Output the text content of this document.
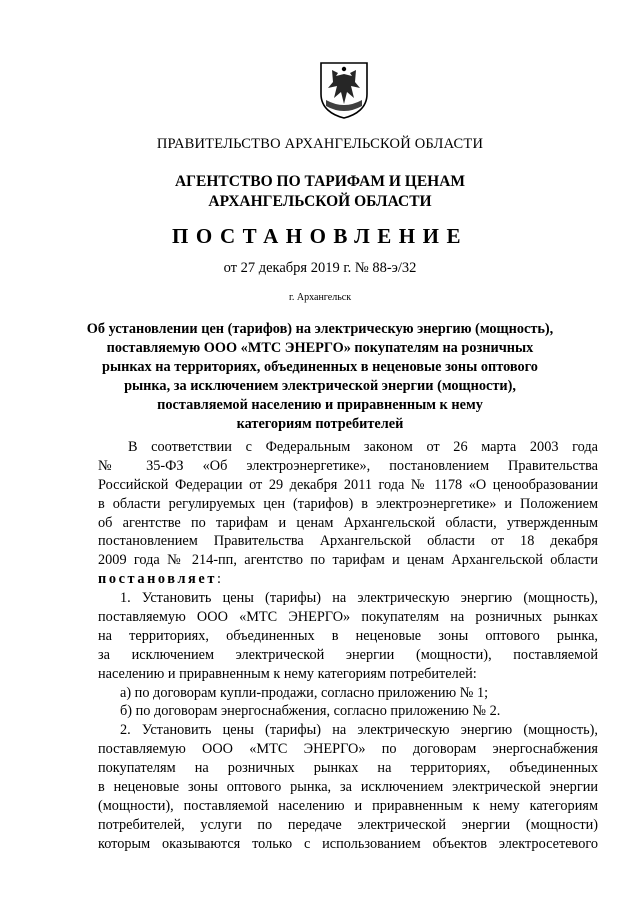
ПРАВИТЕЛЬСТВО АРХАНГЕЛЬСКОЙ ОБЛАСТИ
АГЕНТСТВО ПО ТАРИФАМ И ЦЕНАМ
АРХАНГЕЛЬСКОЙ ОБЛАСТИ
ПОСТАНОВЛЕНИЕ
от 27 декабря 2019 г. № 88-э/32
г. Архангельск
Об установлении цен (тарифов) на электрическую энергию (мощность),
поставляемую ООО «МТС ЭНЕРГО» покупателям на розничных
рынках на территориях, объединенных в неценовые зоны оптового
рынка, за исключением электрической энергии (мощности),
поставляемой населению и приравненным к нему
категориям потребителей
В соответствии с Федеральным законом от 26 марта 2003 года
№ 35-ФЗ «Об электроэнергетике», постановлением Правительства
Российской Федерации от 29 декабря 2011 года № 1178 «О ценообразовании
в области регулируемых цен (тарифов) в электроэнергетике» и Положением
об агентстве по тарифам и ценам Архангельской области, утвержденным
постановлением Правительства Архангельской области от 18 декабря
2009 года № 214-пп, агентство по тарифам и ценам Архангельской области
постановляет:
1. Установить цены (тарифы) на электрическую энергию (мощность),
поставляемую ООО «МТС ЭНЕРГО» покупателям на розничных рынках
на территориях, объединенных в неценовые зоны оптового рынка,
за исключением электрической энергии (мощности), поставляемой
населению и приравненным к нему категориям потребителей:
а) по договорам купли-продажи, согласно приложению № 1;
б) по договорам энергоснабжения, согласно приложению № 2.
2. Установить цены (тарифы) на электрическую энергию (мощность),
поставляемую ООО «МТС ЭНЕРГО» по договорам энергоснабжения
покупателям на розничных рынках на территориях, объединенных
в неценовые зоны оптового рынка, за исключением электрической энергии
(мощности), поставляемой населению и приравненным к нему категориям
потребителей, услуги по передаче электрической энергии (мощности)
которым оказываются только с использованием объектов электросетевого
